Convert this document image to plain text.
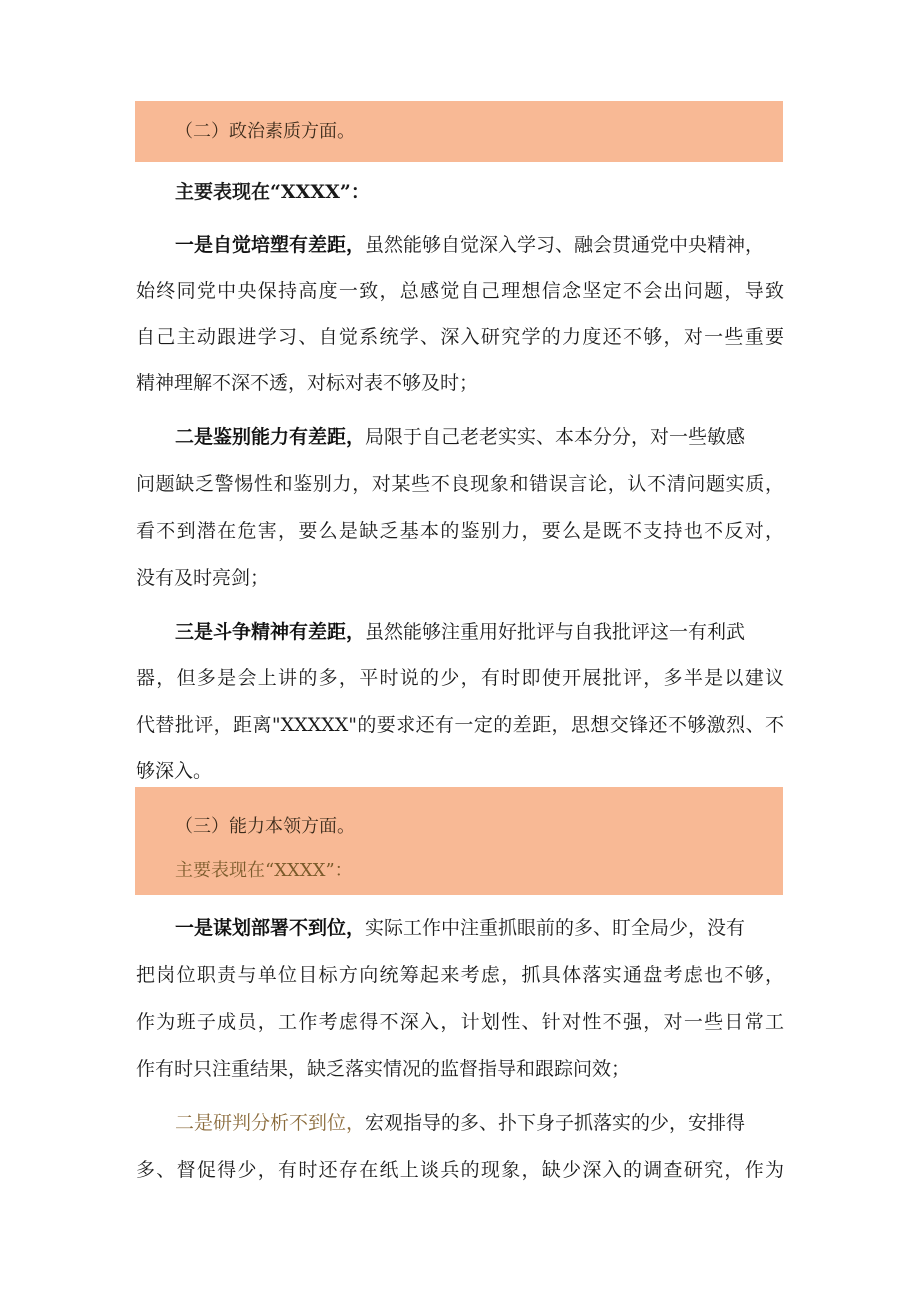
（二）政治素质方面。
主要表现在“XXXX”：
一是自觉培塑有差距，虽然能够自觉深入学习、融会贯通党中央精神，
始终同党中央保持高度一致，总感觉自己理想信念坚定不会出问题，导致
自己主动跟进学习、自觉系统学、深入研究学的力度还不够，对一些重要
精神理解不深不透，对标对表不够及时；
二是鉴别能力有差距，局限于自己老老实实、本本分分，对一些敏感
问题缺乏警惕性和鉴别力，对某些不良现象和错误言论，认不清问题实质，
看不到潜在危害，要么是缺乏基本的鉴别力，要么是既不支持也不反对，
没有及时亮剑；
三是斗争精神有差距，虽然能够注重用好批评与自我批评这一有利武
器，但多是会上讲的多，平时说的少，有时即使开展批评，多半是以建议
代替批评，距离"XXXXX"的要求还有一定的差距，思想交锋还不够激烈、不
够深入。
（三）能力本领方面。
主要表现在“XXXX”：
一是谋划部署不到位，实际工作中注重抓眼前的多、盯全局少，没有
把岗位职责与单位目标方向统筹起来考虑，抓具体落实通盘考虑也不够，
作为班子成员，工作考虑得不深入，计划性、针对性不强，对一些日常工
作有时只注重结果，缺乏落实情况的监督指导和跟踪问效；
二是研判分析不到位，宏观指导的多、扑下身子抓落实的少，安排得
多、督促得少，有时还存在纸上谈兵的现象，缺少深入的调查研究，作为
